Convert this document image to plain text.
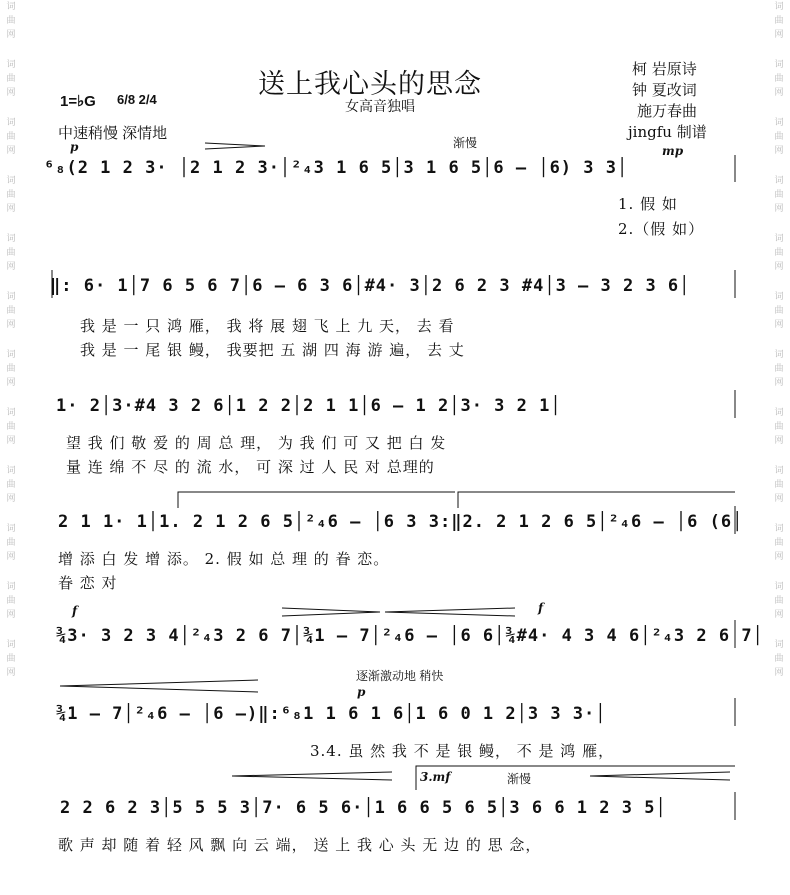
词曲网
词曲网
词曲网
词曲网
词曲网
词曲网
词曲网
词曲网
词曲网
词曲网
词曲网
词曲网
词曲网
词曲网
词曲网
词曲网
词曲网
词曲网
词曲网
词曲网
词曲网
词曲网
词曲网
词曲网
送上我心头的思念
女高音独唱
柯 岩原诗
钟 夏改词
施万春曲
jingfu 制谱
1=♭G 6/8 2/4
中速稍慢 深情地
渐慢
mp
p
f	f
逐渐激动地 稍快
p
渐慢
3.mf
⁶₈(2 1 2 3· │2 1 2 3·│²₄3 1 6 5│3 1 6 5│6 – │6) 3 3│
1. 假 如
2.（假 如）
‖: 6· 1│7 6 5 6 7│6 – 6 3 6│#4· 3│2 6 2 3 #4│3 – 3 2 3 6│
我 是 一 只 鸿 雁， 我 将 展 翅 飞 上 九 天， 去 看
我 是 一 尾 银 鳗， 我要把 五 湖 四 海 游 遍， 去 丈
1· 2│3·#4 3 2 6│1 2 2│2 1 1│6 – 1 2│3· 3 2 1│
望 我 们 敬 爱 的 周 总 理， 为 我 们 可 又 把 白 发
量 连 绵 不 尽 的 流 水， 可 深 过 人 民 对 总理的
2 1 1· 1│1. 2 1 2 6 5│²₄6 – │6 3 3:‖2. 2 1 2 6 5│²₄6 – │6 (6│
增 添 白 发 增 添。 2. 假 如 总 理 的 眷 恋。
眷 恋 对
¾3· 3 2 3 4│²₄3 2 6 7│¾1 – 7│²₄6 – │6 6│¾#4· 4 3 4 6│²₄3 2 6 7│
¾1 – 7│²₄6 – │6 –)‖:⁶₈1 1 6 1 6│1 6 0 1 2│3 3 3·│
3.4. 虽 然 我 不 是 银 鳗， 不 是 鸿 雁，
2 2 6 2 3│5 5 5 3│7· 6 5 6·│1 6 6 5 6 5│3 6 6 1 2 3 5│
歌 声 却 随 着 轻 风 飘 向 云 端， 送 上 我 心 头 无 边 的 思 念，
